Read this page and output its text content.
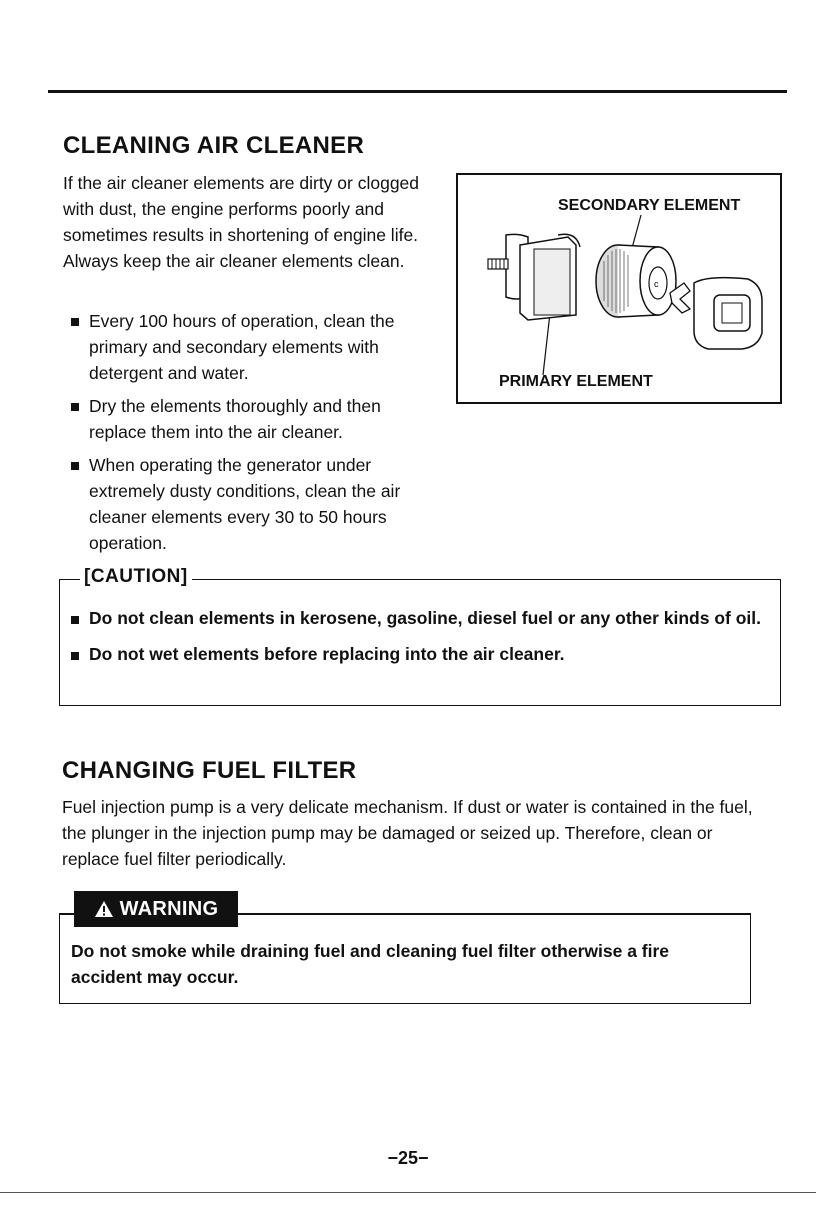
CLEANING AIR CLEANER

If the air cleaner elements are dirty or clogged with dust, the engine performs poorly and sometimes results in shortening of engine life. Always keep the air cleaner elements clean.

Every 100 hours of operation, clean the primary and secondary elements with detergent and water.
Dry the elements thoroughly and then replace them into the air cleaner.
When operating the generator under extremely dusty conditions, clean the air cleaner elements every 30 to 50 hours operation.
SECONDARY ELEMENT
PRIMARY ELEMENT
c
[CAUTION]
Do not clean elements in kerosene, gasoline, diesel fuel or any other kinds of oil.
Do not wet elements before replacing into the air cleaner.
CHANGING FUEL FILTER

Fuel injection pump is a very delicate mechanism. If dust or water is contained in the fuel, the plunger in the injection pump may be damaged or seized up. Therefore, clean or replace fuel filter periodically.

WARNING
Do not smoke while draining fuel and cleaning fuel filter otherwise a fire accident may occur.
−25−
